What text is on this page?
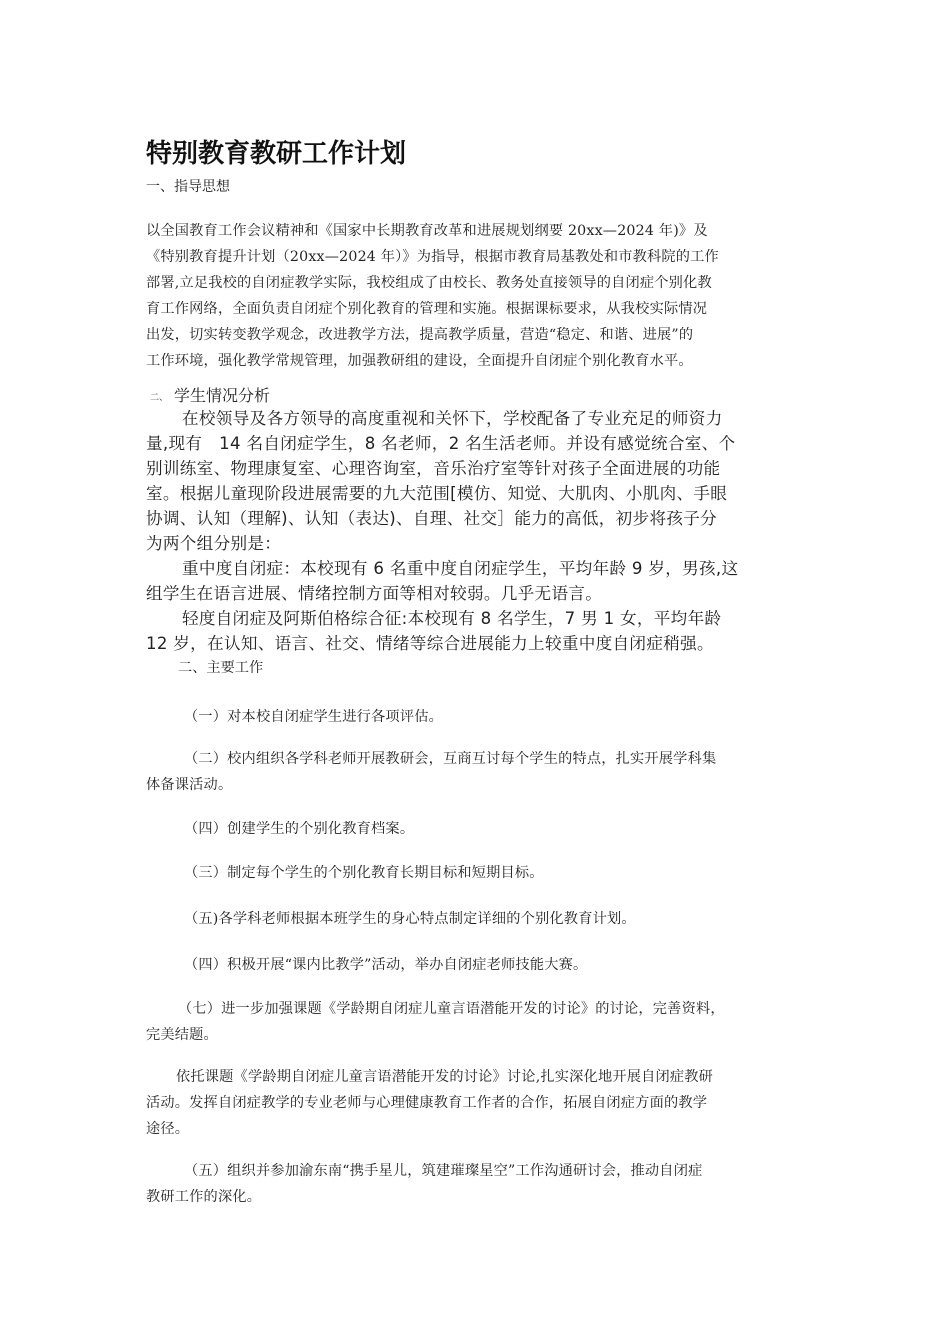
特别教育教研工作计划
一、指导思想
以全国教育工作会议精神和《国家中长期教育改革和进展规划纲要 20xx—2024 年)》及
《特别教育提升计划（20xx—2024 年）》为指导，根据市教育局基教处和市教科院的工作
部署,立足我校的自闭症教学实际，我校组成了由校长、教务处直接领导的自闭症个别化教
育工作网络，全面负责自闭症个别化教育的管理和实施。根据课标要求，从我校实际情况
出发，切实转变教学观念，改进教学方法，提高教学质量，营造“稳定、和谐、进展”的
工作环境，强化教学常规管理，加强教研组的建设，全面提升自闭症个别化教育水平。
二、 学生情况分析

在校领导及各方领导的高度重视和关怀下，学校配备了专业充足的师资力

量,现有　14 名自闭症学生，8 名老师，2 名生活老师。并设有感觉统合室、个

别训练室、物理康复室、心理咨询室，音乐治疗室等针对孩子全面进展的功能

室。根据儿童现阶段进展需要的九大范围[模仿、知觉、大肌肉、小肌肉、手眼

协调、认知（理解)、认知（表达)、自理、社交］能力的高低，初步将孩子分

为两个组分别是：

重中度自闭症：本校现有 6 名重中度自闭症学生，平均年龄 9 岁，男孩,这

组学生在语言进展、情绪控制方面等相对较弱。几乎无语言。

轻度自闭症及阿斯伯格综合征:本校现有 8 名学生，7 男 1 女，平均年龄

12 岁，在认知、语言、社交、情绪等综合进展能力上较重中度自闭症稍强。

二、主要工作

（一）对本校自闭症学生进行各项评估。

（二）校内组织各学科老师开展教研会，互商互讨每个学生的特点，扎实开展学科集

体备课活动。

（四）创建学生的个别化教育档案。

（三）制定每个学生的个别化教育长期目标和短期目标。

（五)各学科老师根据本班学生的身心特点制定详细的个别化教育计划。

（四）积极开展“课内比教学”活动，举办自闭症老师技能大赛。

（七）进一步加强课题《学龄期自闭症儿童言语潜能开发的讨论》的讨论，完善资料，

完美结题。

依托课题《学龄期自闭症儿童言语潜能开发的讨论》讨论,扎实深化地开展自闭症教研

活动。发挥自闭症教学的专业老师与心理健康教育工作者的合作，拓展自闭症方面的教学

途径。

（五）组织并参加渝东南“携手星儿，筑建璀璨星空”工作沟通研讨会，推动自闭症

教研工作的深化。
